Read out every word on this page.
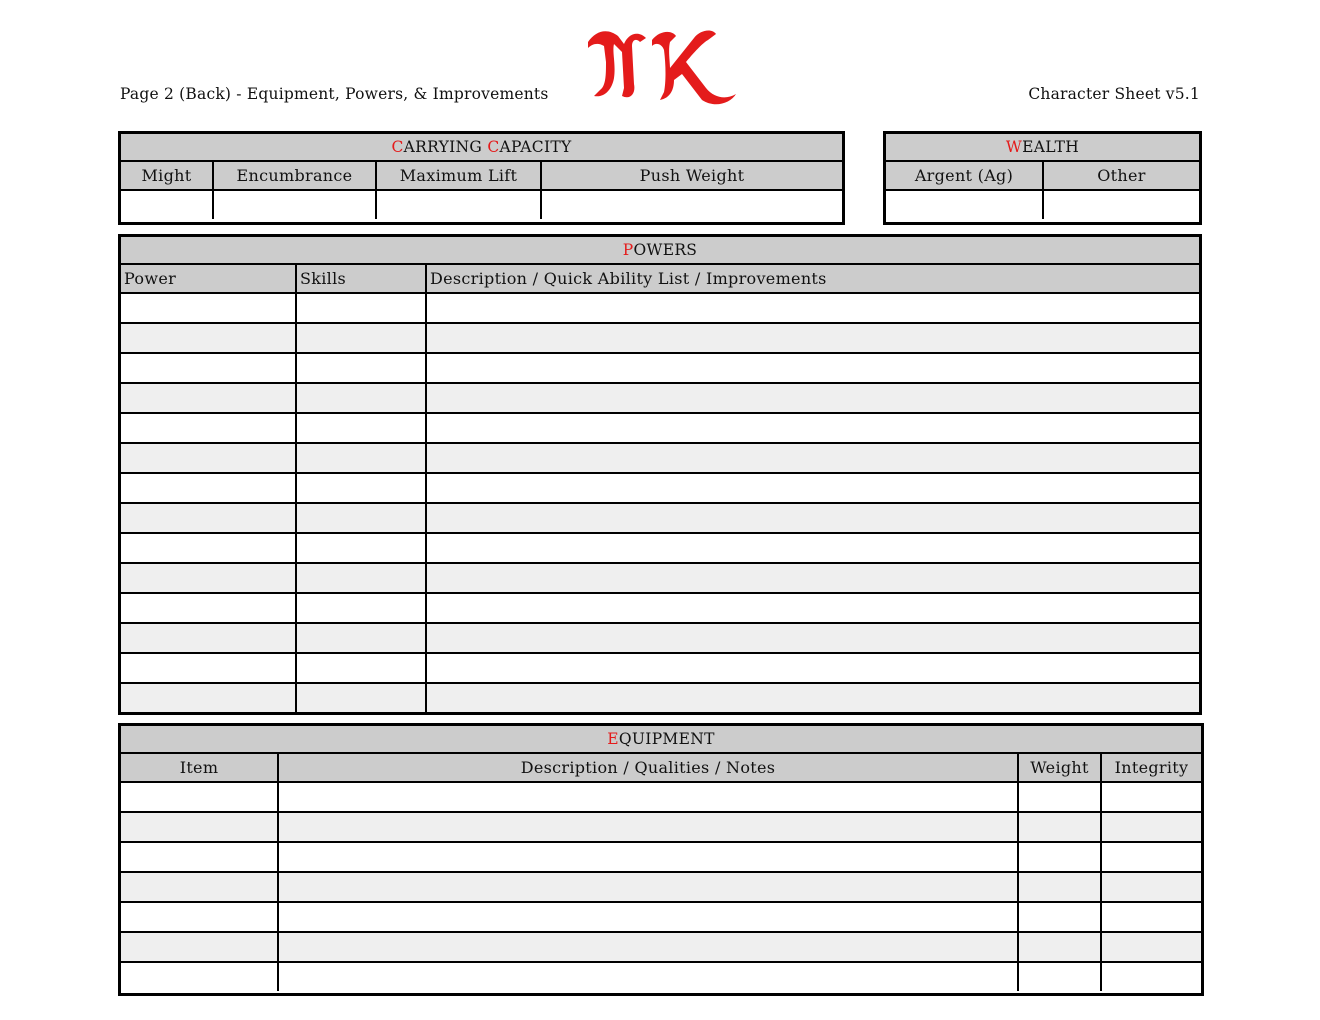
Page 2 (Back) - Equipment, Powers, & Improvements	Character Sheet v5.1
CARRYING CAPACITY			
Might	Encumbrance	Maximum Lift	Push Weight

WEALTH	
Argent (Ag)	Other

POWERS		
Power	Skills	Description / Quick Ability List / Improvements

EQUIPMENT			
Item	Description / Qualities / Notes	Weight	Integrity
